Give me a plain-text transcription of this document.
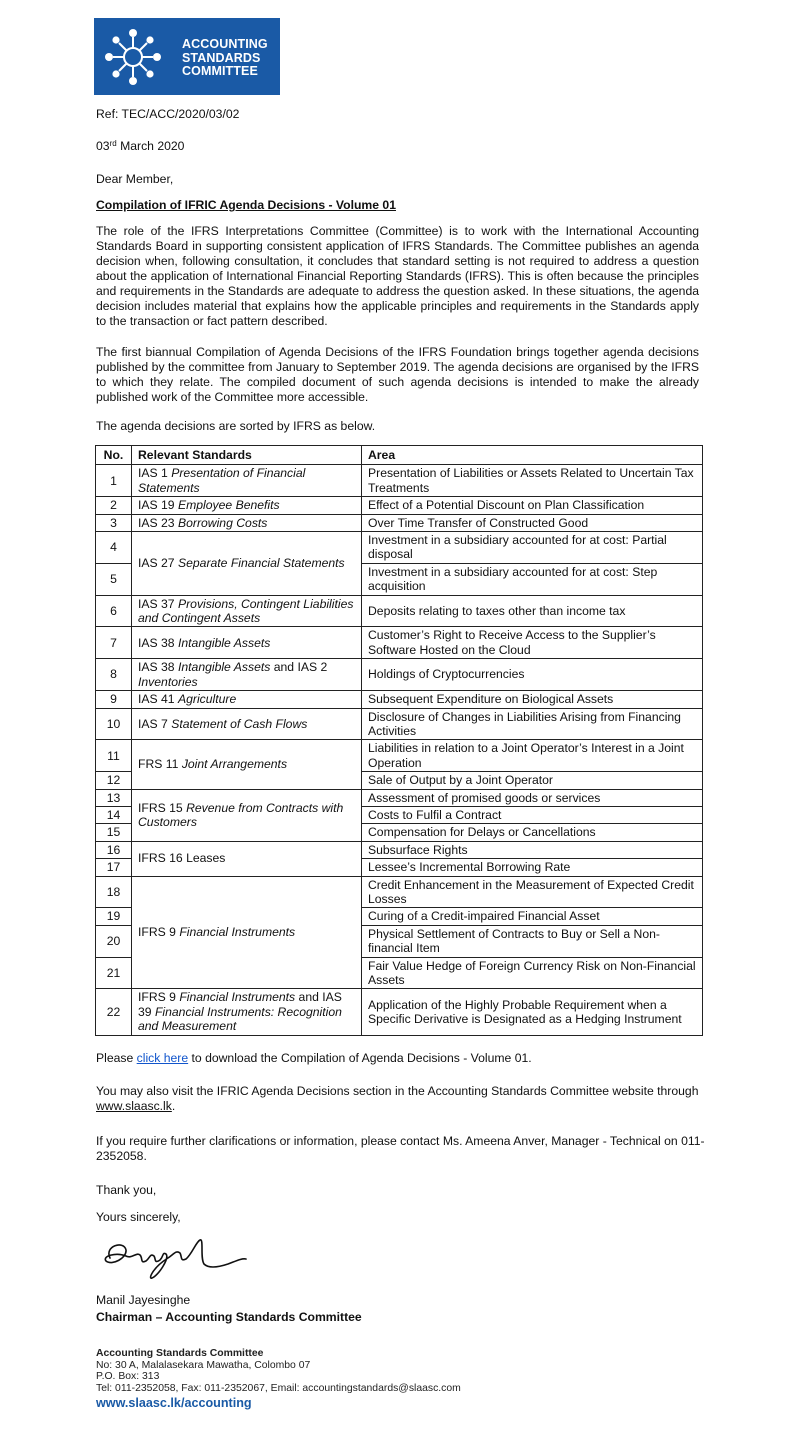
ACCOUNTING
STANDARDS
COMMITTEE
Ref: TEC/ACC/2020/03/02
03rd March 2020
Dear Member,
Compilation of IFRIC Agenda Decisions - Volume 01
The role of the IFRS Interpretations Committee (Committee) is to work with the International Accounting Standards Board in supporting consistent application of IFRS Standards. The Committee publishes an agenda decision when, following consultation, it concludes that standard setting is not required to address a question about the application of International Financial Reporting Standards (IFRS). This is often because the principles and requirements in the Standards are adequate to address the question asked. In these situations, the agenda decision includes material that explains how the applicable principles and requirements in the Standards apply to the transaction or fact pattern described.
The first biannual Compilation of Agenda Decisions of the IFRS Foundation brings together agenda decisions published by the committee from January to September 2019. The agenda decisions are organised by the IFRS to which they relate. The compiled document of such agenda decisions is intended to make the already published work of the Committee more accessible.
The agenda decisions are sorted by IFRS as below.
No.	Relevant Standards	Area
1	IAS 1 Presentation of Financial Statements	Presentation of Liabilities or Assets Related to Uncertain Tax Treatments
2	IAS 19 Employee Benefits	Effect of a Potential Discount on Plan Classification
3	IAS 23 Borrowing Costs	Over Time Transfer of Constructed Good
4	IAS 27 Separate Financial Statements	Investment in a subsidiary accounted for at cost: Partial disposal
5		Investment in a subsidiary accounted for at cost: Step acquisition
6	IAS 37 Provisions, Contingent Liabilities and Contingent Assets	Deposits relating to taxes other than income tax
7	IAS 38 Intangible Assets	Customer’s Right to Receive Access to the Supplier’s Software Hosted on the Cloud
8	IAS 38 Intangible Assets and IAS 2 Inventories	Holdings of Cryptocurrencies
9	IAS 41 Agriculture	Subsequent Expenditure on Biological Assets
10	IAS 7 Statement of Cash Flows	Disclosure of Changes in Liabilities Arising from Financing Activities
11	FRS 11 Joint Arrangements	Liabilities in relation to a Joint Operator’s Interest in a Joint Operation
12		Sale of Output by a Joint Operator
13	IFRS 15 Revenue from Contracts with Customers	Assessment of promised goods or services
14		Costs to Fulfil a Contract
15		Compensation for Delays or Cancellations
16	IFRS 16 Leases	Subsurface Rights
17		Lessee’s Incremental Borrowing Rate
18	IFRS 9 Financial Instruments	Credit Enhancement in the Measurement of Expected Credit Losses
19		Curing of a Credit-impaired Financial Asset
20		Physical Settlement of Contracts to Buy or Sell a Non-financial Item
21		Fair Value Hedge of Foreign Currency Risk on Non-Financial Assets
22	IFRS 9 Financial Instruments and IAS 39 Financial Instruments: Recognition and Measurement	Application of the Highly Probable Requirement when a Specific Derivative is Designated as a Hedging Instrument
Please click here to download the Compilation of Agenda Decisions - Volume 01.
You may also visit the IFRIC Agenda Decisions section in the Accounting Standards Committee website through www.slaasc.lk.
If you require further clarifications or information, please contact Ms. Ameena Anver, Manager - Technical on 011-2352058.
Thank you,
Yours sincerely,
Manil Jayesinghe
Chairman – Accounting Standards Committee
Accounting Standards Committee
No: 30 A, Malalasekara Mawatha, Colombo 07
P.O. Box: 313
Tel: 011-2352058, Fax: 011-2352067, Email: accountingstandards@slaasc.com
www.slaasc.lk/accounting
